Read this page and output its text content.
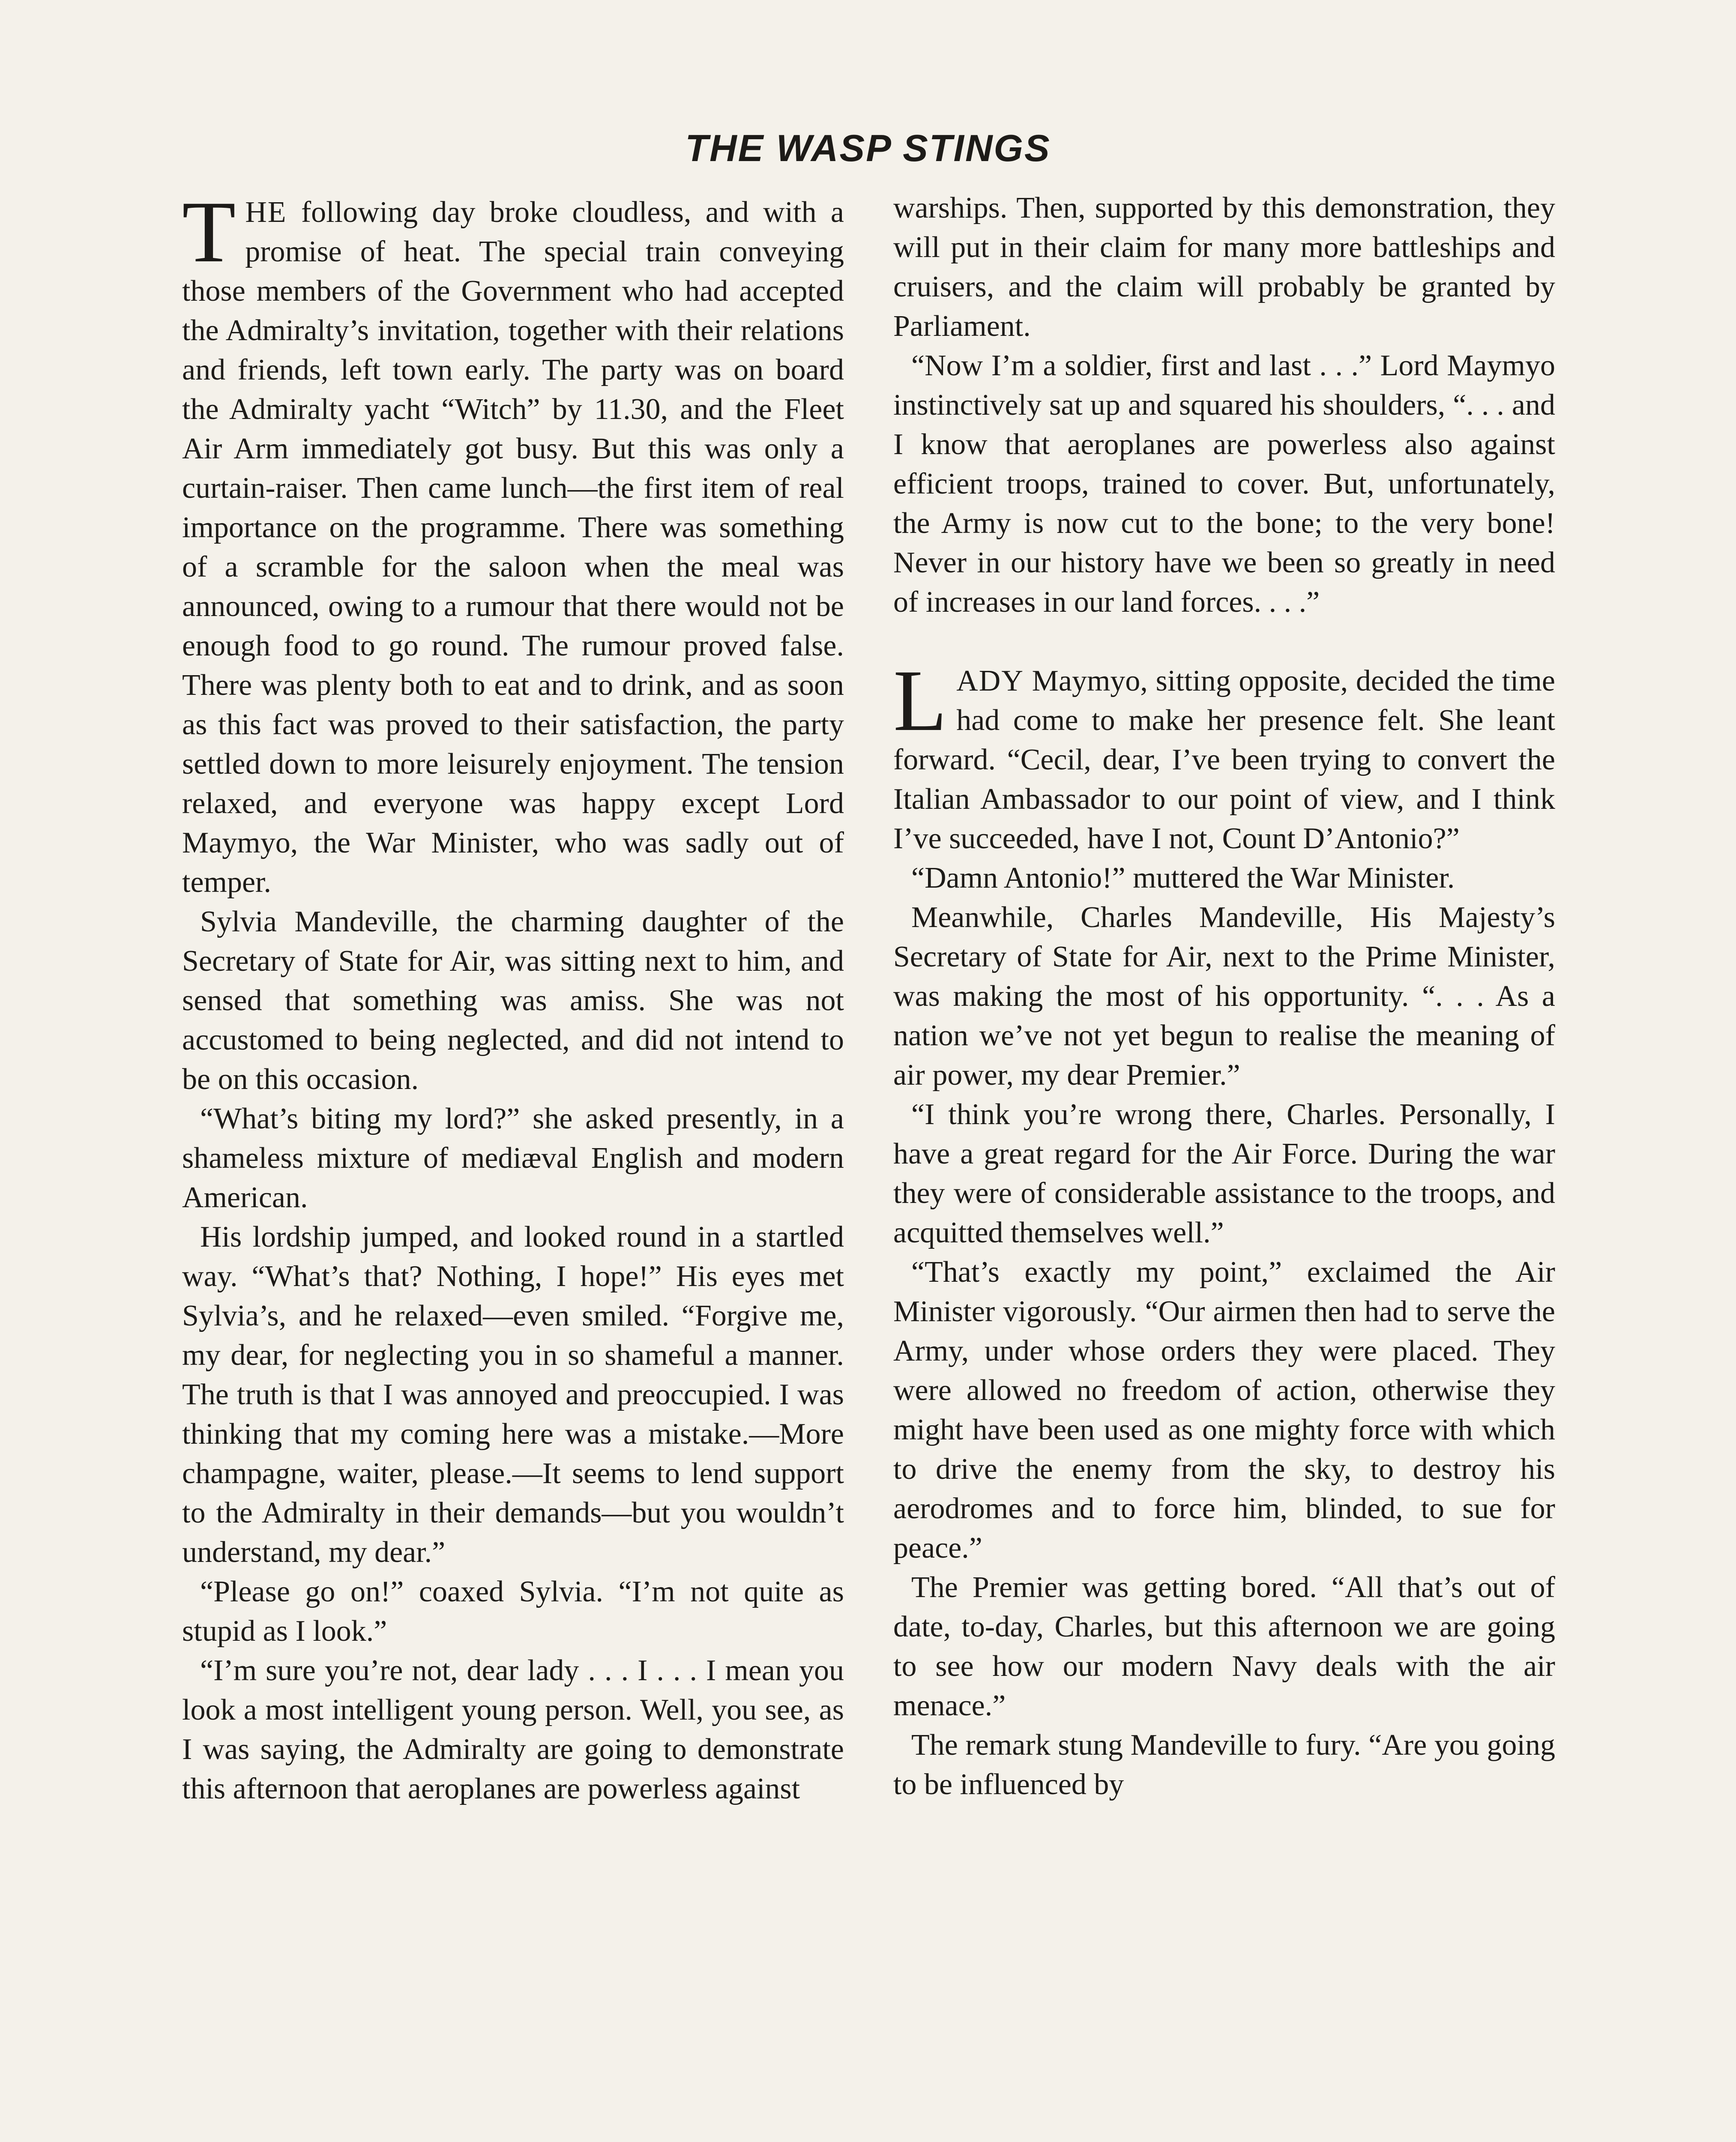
THE WASP STINGS

THE following day broke cloudless, and with a promise of heat. The special train conveying those members of the Government who had accepted the Admiralty’s invitation, together with their relations and friends, left town early. The party was on board the Admiralty yacht “Witch” by 11.30, and the Fleet Air Arm immediately got busy. But this was only a curtain-raiser. Then came lunch—the first item of real importance on the programme. There was something of a scramble for the saloon when the meal was announced, owing to a rumour that there would not be enough food to go round. The rumour proved false. There was plenty both to eat and to drink, and as soon as this fact was proved to their satisfaction, the party settled down to more leisurely enjoyment. The tension relaxed, and everyone was happy except Lord Maymyo, the War Minister, who was sadly out of temper.

Sylvia Mandeville, the charming daughter of the Secretary of State for Air, was sitting next to him, and sensed that something was amiss. She was not accustomed to being neglected, and did not intend to be on this occasion.

“What’s biting my lord?” she asked presently, in a shameless mixture of mediæval English and modern American.

His lordship jumped, and looked round in a startled way. “What’s that? Nothing, I hope!” His eyes met Sylvia’s, and he relaxed—even smiled. “Forgive me, my dear, for neglecting you in so shameful a manner. The truth is that I was annoyed and preoccupied. I was thinking that my coming here was a mistake.—More champagne, waiter, please.—It seems to lend support to the Admiralty in their demands—but you wouldn’t understand, my dear.”

“Please go on!” coaxed Sylvia. “I’m not quite as stupid as I look.”

“I’m sure you’re not, dear lady . . . I . . . I mean you look a most intelligent young person. Well, you see, as I was saying, the Admiralty are going to demonstrate this afternoon that aeroplanes are powerless against

warships. Then, supported by this demonstration, they will put in their claim for many more battleships and cruisers, and the claim will probably be granted by Parliament.

“Now I’m a soldier, first and last . . .” Lord Maymyo instinctively sat up and squared his shoulders, “. . . and I know that aeroplanes are powerless also against efficient troops, trained to cover. But, unfortunately, the Army is now cut to the bone; to the very bone! Never in our history have we been so greatly in need of increases in our land forces. . . .”

LADY Maymyo, sitting opposite, decided the time had come to make her presence felt. She leant forward. “Cecil, dear, I’ve been trying to convert the Italian Ambassador to our point of view, and I think I’ve succeeded, have I not, Count D’Antonio?”

“Damn Antonio!” muttered the War Minister.

Meanwhile, Charles Mandeville, His Majesty’s Secretary of State for Air, next to the Prime Minister, was making the most of his opportunity. “. . . As a nation we’ve not yet begun to realise the meaning of air power, my dear Premier.”

“I think you’re wrong there, Charles. Personally, I have a great regard for the Air Force. During the war they were of considerable assistance to the troops, and acquitted themselves well.”

“That’s exactly my point,” exclaimed the Air Minister vigorously. “Our airmen then had to serve the Army, under whose orders they were placed. They were allowed no freedom of action, otherwise they might have been used as one mighty force with which to drive the enemy from the sky, to destroy his aerodromes and to force him, blinded, to sue for peace.”

The Premier was getting bored. “All that’s out of date, to-day, Charles, but this afternoon we are going to see how our modern Navy deals with the air menace.”

The remark stung Mandeville to fury. “Are you going to be influenced by
